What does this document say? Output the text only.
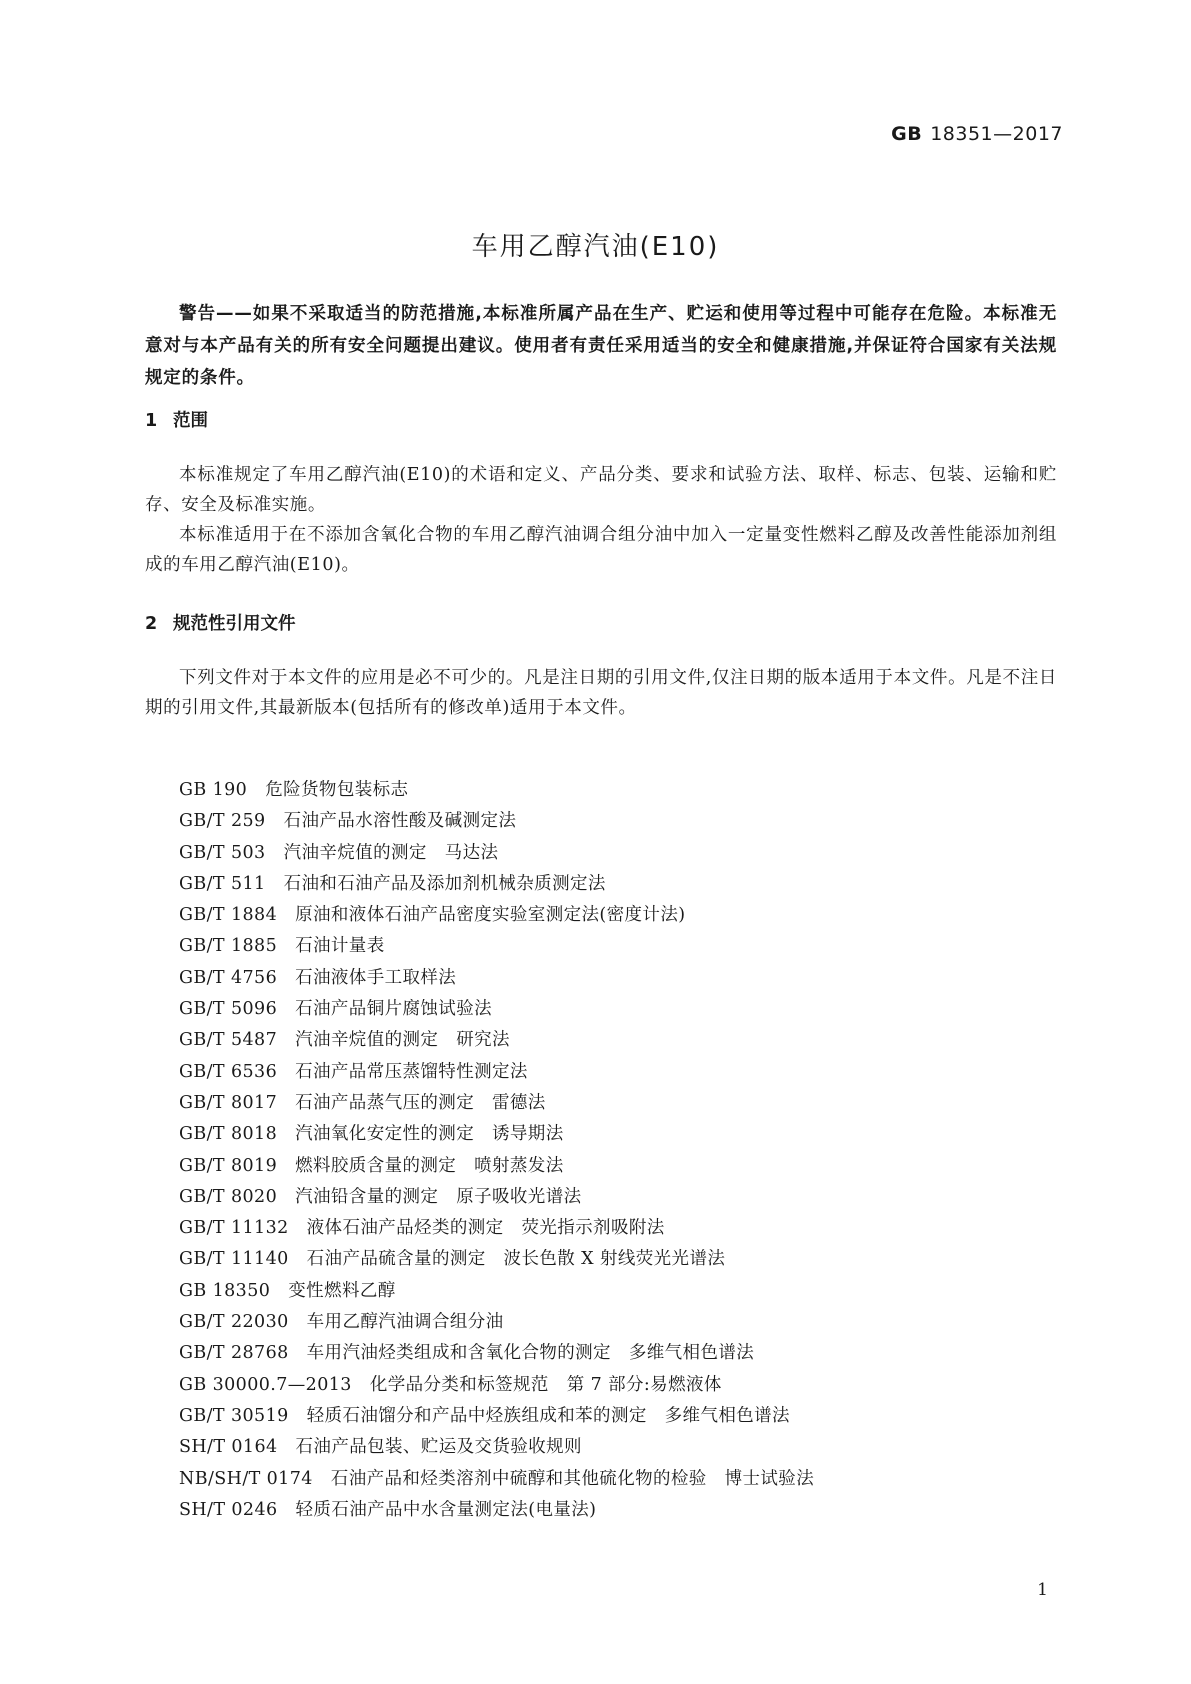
GB 18351—2017
车用乙醇汽油(E10)
警告——如果不采取适当的防范措施,本标准所属产品在生产、贮运和使用等过程中可能存在危险。本标准无意对与本产品有关的所有安全问题提出建议。使用者有责任采用适当的安全和健康措施,并保证符合国家有关法规规定的条件。
1 范围
本标准规定了车用乙醇汽油(E10)的术语和定义、产品分类、要求和试验方法、取样、标志、包装、运输和贮存、安全及标准实施。
本标准适用于在不添加含氧化合物的车用乙醇汽油调合组分油中加入一定量变性燃料乙醇及改善性能添加剂组成的车用乙醇汽油(E10)。
2 规范性引用文件
下列文件对于本文件的应用是必不可少的。凡是注日期的引用文件,仅注日期的版本适用于本文件。凡是不注日期的引用文件,其最新版本(包括所有的修改单)适用于本文件。
GB 190 危险货物包装标志
GB/T 259 石油产品水溶性酸及碱测定法
GB/T 503 汽油辛烷值的测定　马达法
GB/T 511 石油和石油产品及添加剂机械杂质测定法
GB/T 1884 原油和液体石油产品密度实验室测定法(密度计法)
GB/T 1885 石油计量表
GB/T 4756 石油液体手工取样法
GB/T 5096 石油产品铜片腐蚀试验法
GB/T 5487 汽油辛烷值的测定　研究法
GB/T 6536 石油产品常压蒸馏特性测定法
GB/T 8017 石油产品蒸气压的测定　雷德法
GB/T 8018 汽油氧化安定性的测定　诱导期法
GB/T 8019 燃料胶质含量的测定　喷射蒸发法
GB/T 8020 汽油铅含量的测定　原子吸收光谱法
GB/T 11132 液体石油产品烃类的测定　荧光指示剂吸附法
GB/T 11140 石油产品硫含量的测定　波长色散 X 射线荧光光谱法
GB 18350 变性燃料乙醇
GB/T 22030 车用乙醇汽油调合组分油
GB/T 28768 车用汽油烃类组成和含氧化合物的测定　多维气相色谱法
GB 30000.7—2013 化学品分类和标签规范　第 7 部分:易燃液体
GB/T 30519 轻质石油馏分和产品中烃族组成和苯的测定　多维气相色谱法
SH/T 0164 石油产品包装、贮运及交货验收规则
NB/SH/T 0174 石油产品和烃类溶剂中硫醇和其他硫化物的检验　博士试验法
SH/T 0246 轻质石油产品中水含量测定法(电量法)
1
